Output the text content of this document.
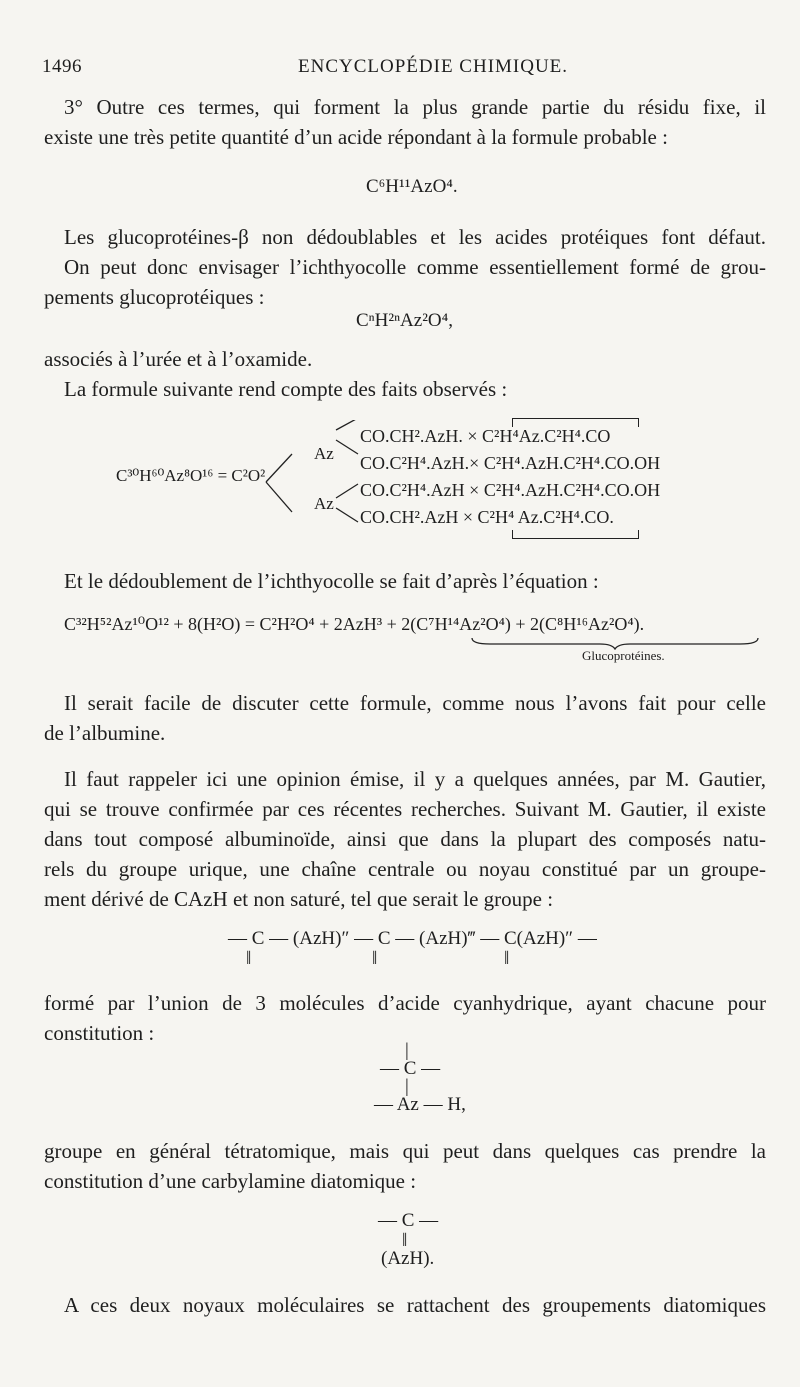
1496	ENCYCLOPÉDIE CHIMIQUE.
3° Outre ces termes, qui forment la plus grande partie du résidu fixe, il
existe une très petite quantité d’un acide répondant à la formule probable :
C⁶H¹¹AzO⁴.
Les glucoprotéines-β non dédoublables et les acides protéiques font défaut.
On peut donc envisager l’ichthyocolle comme essentiellement formé de grou-
pements glucoprotéiques :
CⁿH²ⁿAz²O⁴,
associés à l’urée et à l’oxamide.
La formule suivante rend compte des faits observés :
C³⁰H⁶⁰Az⁸O¹⁶ = C²O²
Az
Az
CO.CH².AzH. × C²H⁴Az.C²H⁴.CO
CO.C²H⁴.AzH.× C²H⁴.AzH.C²H⁴.CO.OH
CO.C²H⁴.AzH × C²H⁴.AzH.C²H⁴.CO.OH
CO.CH².AzH × C²H⁴ Az.C²H⁴.CO.
Et le dédoublement de l’ichthyocolle se fait d’après l’équation :
C³²H⁵²Az¹⁰O¹² + 8(H²O) = C²H²O⁴ + 2AzH³ + 2(C⁷H¹⁴Az²O⁴) + 2(C⁸H¹⁶Az²O⁴).
Glucoprotéines.
Il serait facile de discuter cette formule, comme nous l’avons fait pour celle
de l’albumine.
Il faut rappeler ici une opinion émise, il y a quelques années, par M. Gautier,
qui se trouve confirmée par ces récentes recherches. Suivant M. Gautier, il existe
dans tout composé albuminoïde, ainsi que dans la plupart des composés natu-
rels du groupe urique, une chaîne centrale ou noyau constitué par un groupe-
ment dérivé de CAzH et non saturé, tel que serait le groupe :
— C — (AzH)″ — C — (AzH)‴ — C(AzH)″ —
‖	‖	‖
formé par l’union de 3 molécules d’acide cyanhydrique, ayant chacune pour
constitution :
|
— C —
|
— Az — H,
groupe en général tétratomique, mais qui peut dans quelques cas prendre la
constitution d’une carbylamine diatomique :
— C —
‖
(AzH).
A ces deux noyaux moléculaires se rattachent des groupements diatomiques
